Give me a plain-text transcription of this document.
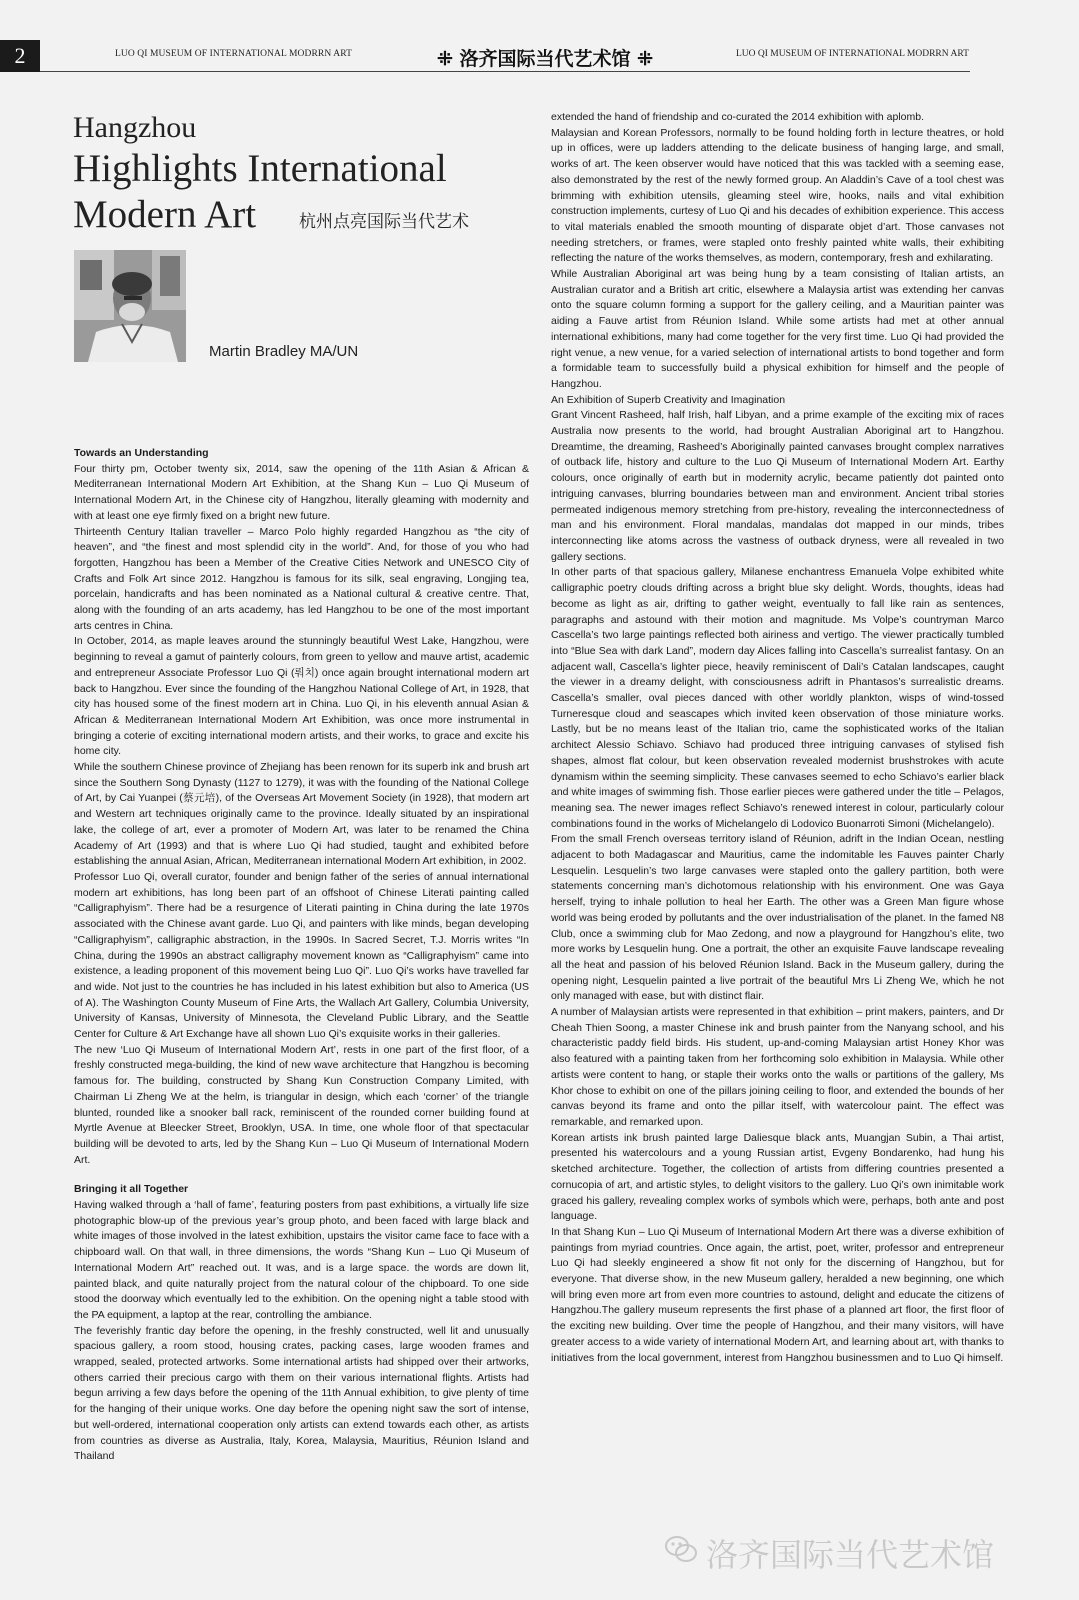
2	LUO QI MUSEUM OF INTERNATIONAL MODRRN ART	⁜ 洛齐国际当代艺术馆 ⁜	LUO QI MUSEUM OF INTERNATIONAL MODRRN ART
Hangzhou
Highlights International Modern Art	杭州点亮国际当代艺术
Martin Bradley MA/UN
Towards an Understanding

Four thirty pm, October twenty six, 2014, saw the opening of the 11th Asian & African & Mediterranean International Modern Art Exhibition, at the Shang Kun – Luo Qi Museum of International Modern Art, in the Chinese city of Hangzhou, literally gleaming with modernity and with at least one eye firmly fixed on a bright new future.

Thirteenth Century Italian traveller – Marco Polo highly regarded Hangzhou as “the city of heaven”, and “the finest and most splendid city in the world”. And, for those of you who had forgotten, Hangzhou has been a Member of the Creative Cities Network and UNESCO City of Crafts and Folk Art since 2012. Hangzhou is famous for its silk, seal engraving, Longjing tea, porcelain, handicrafts and has been nominated as a National cultural & creative centre. That, along with the founding of an arts academy, has led Hangzhou to be one of the most important arts centres in China.

In October, 2014, as maple leaves around the stunningly beautiful West Lake, Hangzhou, were beginning to reveal a gamut of painterly colours, from green to yellow and mauve artist, academic and entrepreneur Associate Professor Luo Qi (뤄치) once again brought international modern art back to Hangzhou. Ever since the founding of the Hangzhou National College of Art, in 1928, that city has housed some of the finest modern art in China. Luo Qi, in his eleventh annual Asian & African & Mediterranean International Modern Art Exhibition, was once more instrumental in bringing a coterie of exciting international modern artists, and their works, to grace and excite his home city.

While the southern Chinese province of Zhejiang has been renown for its superb ink and brush art since the Southern Song Dynasty (1127 to 1279), it was with the founding of the National College of Art, by Cai Yuanpei (蔡元培), of the Overseas Art Movement Society (in 1928), that modern art and Western art techniques originally came to the province. Ideally situated by an inspirational lake, the college of art, ever a promoter of Modern Art, was later to be renamed the China Academy of Art (1993) and that is where Luo Qi had studied, taught and exhibited before establishing the annual Asian, African, Mediterranean international Modern Art exhibition, in 2002.

Professor Luo Qi, overall curator, founder and benign father of the series of annual international modern art exhibitions, has long been part of an offshoot of Chinese Literati painting called “Calligraphyism”. There had be a resurgence of Literati painting in China during the late 1970s associated with the Chinese avant garde. Luo Qi, and painters with like minds, began developing “Calligraphyism”, calligraphic abstraction, in the 1990s. In Sacred Secret, T.J. Morris writes “In China, during the 1990s an abstract calligraphy movement known as “Calligraphyism” came into existence, a leading proponent of this movement being Luo Qi”. Luo Qi’s works have travelled far and wide. Not just to the countries he has included in his latest exhibition but also to America (US of A). The Washington County Museum of Fine Arts, the Wallach Art Gallery, Columbia University, University of Kansas, University of Minnesota, the Cleveland Public Library, and the Seattle Center for Culture & Art Exchange have all shown Luo Qi’s exquisite works in their galleries.

The new ‘Luo Qi Museum of International Modern Art’, rests in one part of the first floor, of a freshly constructed mega-building, the kind of new wave architecture that Hangzhou is becoming famous for. The building, constructed by Shang Kun Construction Company Limited, with Chairman Li Zheng We at the helm, is triangular in design, which each ‘corner’ of the triangle blunted, rounded like a snooker ball rack, reminiscent of the rounded corner building found at Myrtle Avenue at Bleecker Street, Brooklyn, USA. In time, one whole floor of that spectacular building will be devoted to arts, led by the Shang Kun – Luo Qi Museum of International Modern Art.

Bringing it all Together

Having walked through a ‘hall of fame’, featuring posters from past exhibitions, a virtually life size photographic blow-up of the previous year’s group photo, and been faced with large black and white images of those involved in the latest exhibition, upstairs the visitor came face to face with a chipboard wall. On that wall, in three dimensions, the words “Shang Kun – Luo Qi Museum of International Modern Art” reached out. It was, and is a large space. the words are down lit, painted black, and quite naturally project from the natural colour of the chipboard. To one side stood the doorway which eventually led to the exhibition. On the opening night a table stood with the PA equipment, a laptop at the rear, controlling the ambiance.

The feverishly frantic day before the opening, in the freshly constructed, well lit and unusually spacious gallery, a room stood, housing crates, packing cases, large wooden frames and wrapped, sealed, protected artworks. Some international artists had shipped over their artworks, others carried their precious cargo with them on their various international flights. Artists had begun arriving a few days before the opening of the 11th Annual exhibition, to give plenty of time for the hanging of their unique works. One day before the opening night saw the sort of intense, but well-ordered, international cooperation only artists can extend towards each other, as artists from countries as diverse as Australia, Italy, Korea, Malaysia, Mauritius, Réunion Island and Thailand

extended the hand of friendship and co-curated the 2014 exhibition with aplomb.

Malaysian and Korean Professors, normally to be found holding forth in lecture theatres, or hold up in offices, were up ladders attending to the delicate business of hanging large, and small, works of art. The keen observer would have noticed that this was tackled with a seeming ease, also demonstrated by the rest of the newly formed group. An Aladdin’s Cave of a tool chest was brimming with exhibition utensils, gleaming steel wire, hooks, nails and vital exhibition construction implements, curtesy of Luo Qi and his decades of exhibition experience. This access to vital materials enabled the smooth mounting of disparate objet d’art. Those canvases not needing stretchers, or frames, were stapled onto freshly painted white walls, their exhibiting reflecting the nature of the works themselves, as modern, contemporary, fresh and exhilarating.

While Australian Aboriginal art was being hung by a team consisting of Italian artists, an Australian curator and a British art critic, elsewhere a Malaysia artist was extending her canvas onto the square column forming a support for the gallery ceiling, and a Mauritian painter was aiding a Fauve artist from Réunion Island. While some artists had met at other annual international exhibitions, many had come together for the very first time. Luo Qi had provided the right venue, a new venue, for a varied selection of international artists to bond together and form a formidable team to successfully build a physical exhibition for himself and the people of Hangzhou.

An Exhibition of Superb Creativity and Imagination

Grant Vincent Rasheed, half Irish, half Libyan, and a prime example of the exciting mix of races Australia now presents to the world, had brought Australian Aboriginal art to Hangzhou. Dreamtime, the dreaming, Rasheed’s Aboriginally painted canvases brought complex narratives of outback life, history and culture to the Luo Qi Museum of International Modern Art. Earthy colours, once originally of earth but in modernity acrylic, became patiently dot painted onto intriguing canvases, blurring boundaries between man and environment. Ancient tribal stories permeated indigenous memory stretching from pre-history, revealing the interconnectedness of man and his environment. Floral mandalas, mandalas dot mapped in our minds, tribes interconnecting like atoms across the vastness of outback dryness, were all revealed in two gallery sections.

In other parts of that spacious gallery, Milanese enchantress Emanuela Volpe exhibited white calligraphic poetry clouds drifting across a bright blue sky delight. Words, thoughts, ideas had become as light as air, drifting to gather weight, eventually to fall like rain as sentences, paragraphs and astound with their motion and magnitude. Ms Volpe’s countryman Marco Cascella’s two large paintings reflected both airiness and vertigo. The viewer practically tumbled into “Blue Sea with dark Land”, modern day Alices falling into Cascella’s surrealist fantasy. On an adjacent wall, Cascella’s lighter piece, heavily reminiscent of Dali’s Catalan landscapes, caught the viewer in a dreamy delight, with consciousness adrift in Phantasos’s surrealistic dreams. Cascella’s smaller, oval pieces danced with other worldly plankton, wisps of wind-tossed Turneresque cloud and seascapes which invited keen observation of those miniature works. Lastly, but be no means least of the Italian trio, came the sophisticated works of the Italian architect Alessio Schiavo. Schiavo had produced three intriguing canvases of stylised fish shapes, almost flat colour, but keen observation revealed modernist brushstrokes with acute dynamism within the seeming simplicity. These canvases seemed to echo Schiavo’s earlier black and white images of swimming fish. Those earlier pieces were gathered under the title – Pelagos, meaning sea. The newer images reflect Schiavo’s renewed interest in colour, particularly colour combinations found in the works of Michelangelo di Lodovico Buonarroti Simoni (Michelangelo).

From the small French overseas territory island of Réunion, adrift in the Indian Ocean, nestling adjacent to both Madagascar and Mauritius, came the indomitable les Fauves painter Charly Lesquelin. Lesquelin’s two large canvases were stapled onto the gallery partition, both were statements concerning man’s dichotomous relationship with his environment. One was Gaya herself, trying to inhale pollution to heal her Earth. The other was a Green Man figure whose world was being eroded by pollutants and the over industrialisation of the planet. In the famed N8 Club, once a swimming club for Mao Zedong, and now a playground for Hangzhou’s elite, two more works by Lesquelin hung. One a portrait, the other an exquisite Fauve landscape revealing all the heat and passion of his beloved Réunion Island. Back in the Museum gallery, during the opening night, Lesquelin painted a live portrait of the beautiful Mrs Li Zheng We, which he not only managed with ease, but with distinct flair.

A number of Malaysian artists were represented in that exhibition – print makers, painters, and Dr Cheah Thien Soong, a master Chinese ink and brush painter from the Nanyang school, and his characteristic paddy field birds. His student, up-and-coming Malaysian artist Honey Khor was also featured with a painting taken from her forthcoming solo exhibition in Malaysia. While other artists were content to hang, or staple their works onto the walls or partitions of the gallery, Ms Khor chose to exhibit on one of the pillars joining ceiling to floor, and extended the bounds of her canvas beyond its frame and onto the pillar itself, with watercolour paint. The effect was remarkable, and remarked upon.

Korean artists ink brush painted large Daliesque black ants, Muangjan Subin, a Thai artist, presented his watercolours and a young Russian artist, Evgeny Bondarenko, had hung his sketched architecture. Together, the collection of artists from differing countries presented a cornucopia of art, and artistic styles, to delight visitors to the gallery. Luo Qi’s own inimitable work graced his gallery, revealing complex works of symbols which were, perhaps, both ante and post language.

In that Shang Kun – Luo Qi Museum of International Modern Art there was a diverse exhibition of paintings from myriad countries. Once again, the artist, poet, writer, professor and entrepreneur Luo Qi had sleekly engineered a show fit not only for the discerning of Hangzhou, but for everyone. That diverse show, in the new Museum gallery, heralded a new beginning, one which will bring even more art from even more countries to astound, delight and educate the citizens of Hangzhou.The gallery museum represents the first phase of a planned art floor, the first floor of the exciting new building. Over time the people of Hangzhou, and their many visitors, will have greater access to a wide variety of international Modern Art, and learning about art, with thanks to initiatives from the local government, interest from Hangzhou businessmen and to Luo Qi himself.

洛齐国际当代艺术馆
